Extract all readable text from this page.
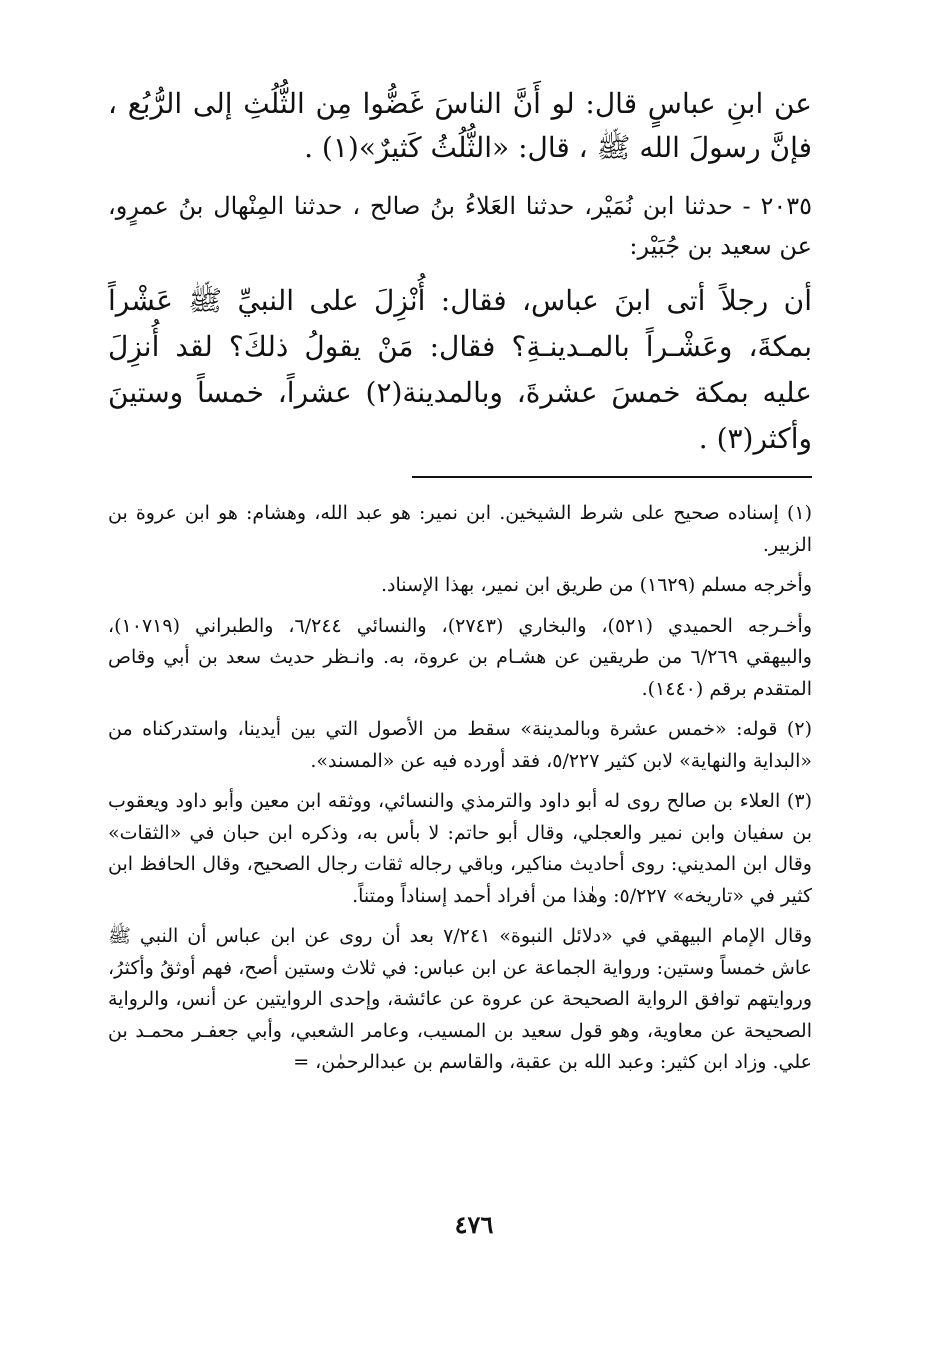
عن ابنِ عباسٍ قال: لو أَنَّ الناسَ غَضُّوا مِن الثُّلُثِ إلى الرُّبُع ، فإنَّ رسولَ الله ﷺ ، قال: «الثُّلُثُ كَثيرٌ»(١) .

٢٠٣٥ - حدثنا ابن نُمَيْر، حدثنا العَلاءُ بنُ صالح ، حدثنا المِنْهال بنُ عمرٍو، عن سعيد بن جُبَيْر:

أن رجلاً أتى ابنَ عباس، فقال: أُنْزِلَ على النبيِّ ﷺ عَشْراً بمكةَ، وعَشْـراً بالمـدينـةِ؟ فقال: مَنْ يقولُ ذلكَ؟ لقد أُنزِلَ عليه بمكة خمسَ عشرةَ، وبالمدينة(٢) عشراً، خمساً وستينَ وأكثر(٣) .

(١) إسناده صحيح على شرط الشيخين. ابن نمير: هو عبد الله، وهشام: هو ابن عروة بن الزبير.

وأخرجه مسلم (١٦٢٩) من طريق ابن نمير، بهذا الإسناد.

وأخـرجه الحميدي (٥٢١)، والبخاري (٢٧٤٣)، والنسائي ٦/٢٤٤، والطبراني (١٠٧١٩)، والبيهقي ٦/٢٦٩ من طريقين عن هشـام بن عروة، به. وانـظر حديث سعد بن أبي وقاص المتقدم برقم (١٤٤٠).

(٢) قوله: «خمس عشرة وبالمدينة» سقط من الأصول التي بين أيدينا، واستدركناه من «البداية والنهاية» لابن كثير ٥/٢٢٧، فقد أورده فيه عن «المسند».

(٣) العلاء بن صالح روى له أبو داود والترمذي والنسائي، ووثقه ابن معين وأبو داود ويعقوب بن سفيان وابن نمير والعجلي، وقال أبو حاتم: لا بأس به، وذكره ابن حبان في «الثقات» وقال ابن المديني: روى أحاديث مناكير، وباقي رجاله ثقات رجال الصحيح، وقال الحافظ ابن كثير في «تاريخه» ٥/٢٢٧: وهٰذا من أفراد أحمد إسناداً ومتناً.

وقال الإمام البيهقي في «دلائل النبوة» ٧/٢٤١ بعد أن روى عن ابن عباس أن النبي ﷺ عاش خمساً وستين: ورواية الجماعة عن ابن عباس: في ثلاث وستين أصح، فهم أوثقُ وأكثرُ، وروايتهم توافق الرواية الصحيحة عن عروة عن عائشة، وإحدى الروايتين عن أنس، والرواية الصحيحة عن معاوية، وهو قول سعيد بن المسيب، وعامر الشعبي، وأبي جعفـر محمـد بن علي. وزاد ابن كثير: وعبد الله بن عقبة، والقاسم بن عبدالرحمٰن، =

٤٧٦
